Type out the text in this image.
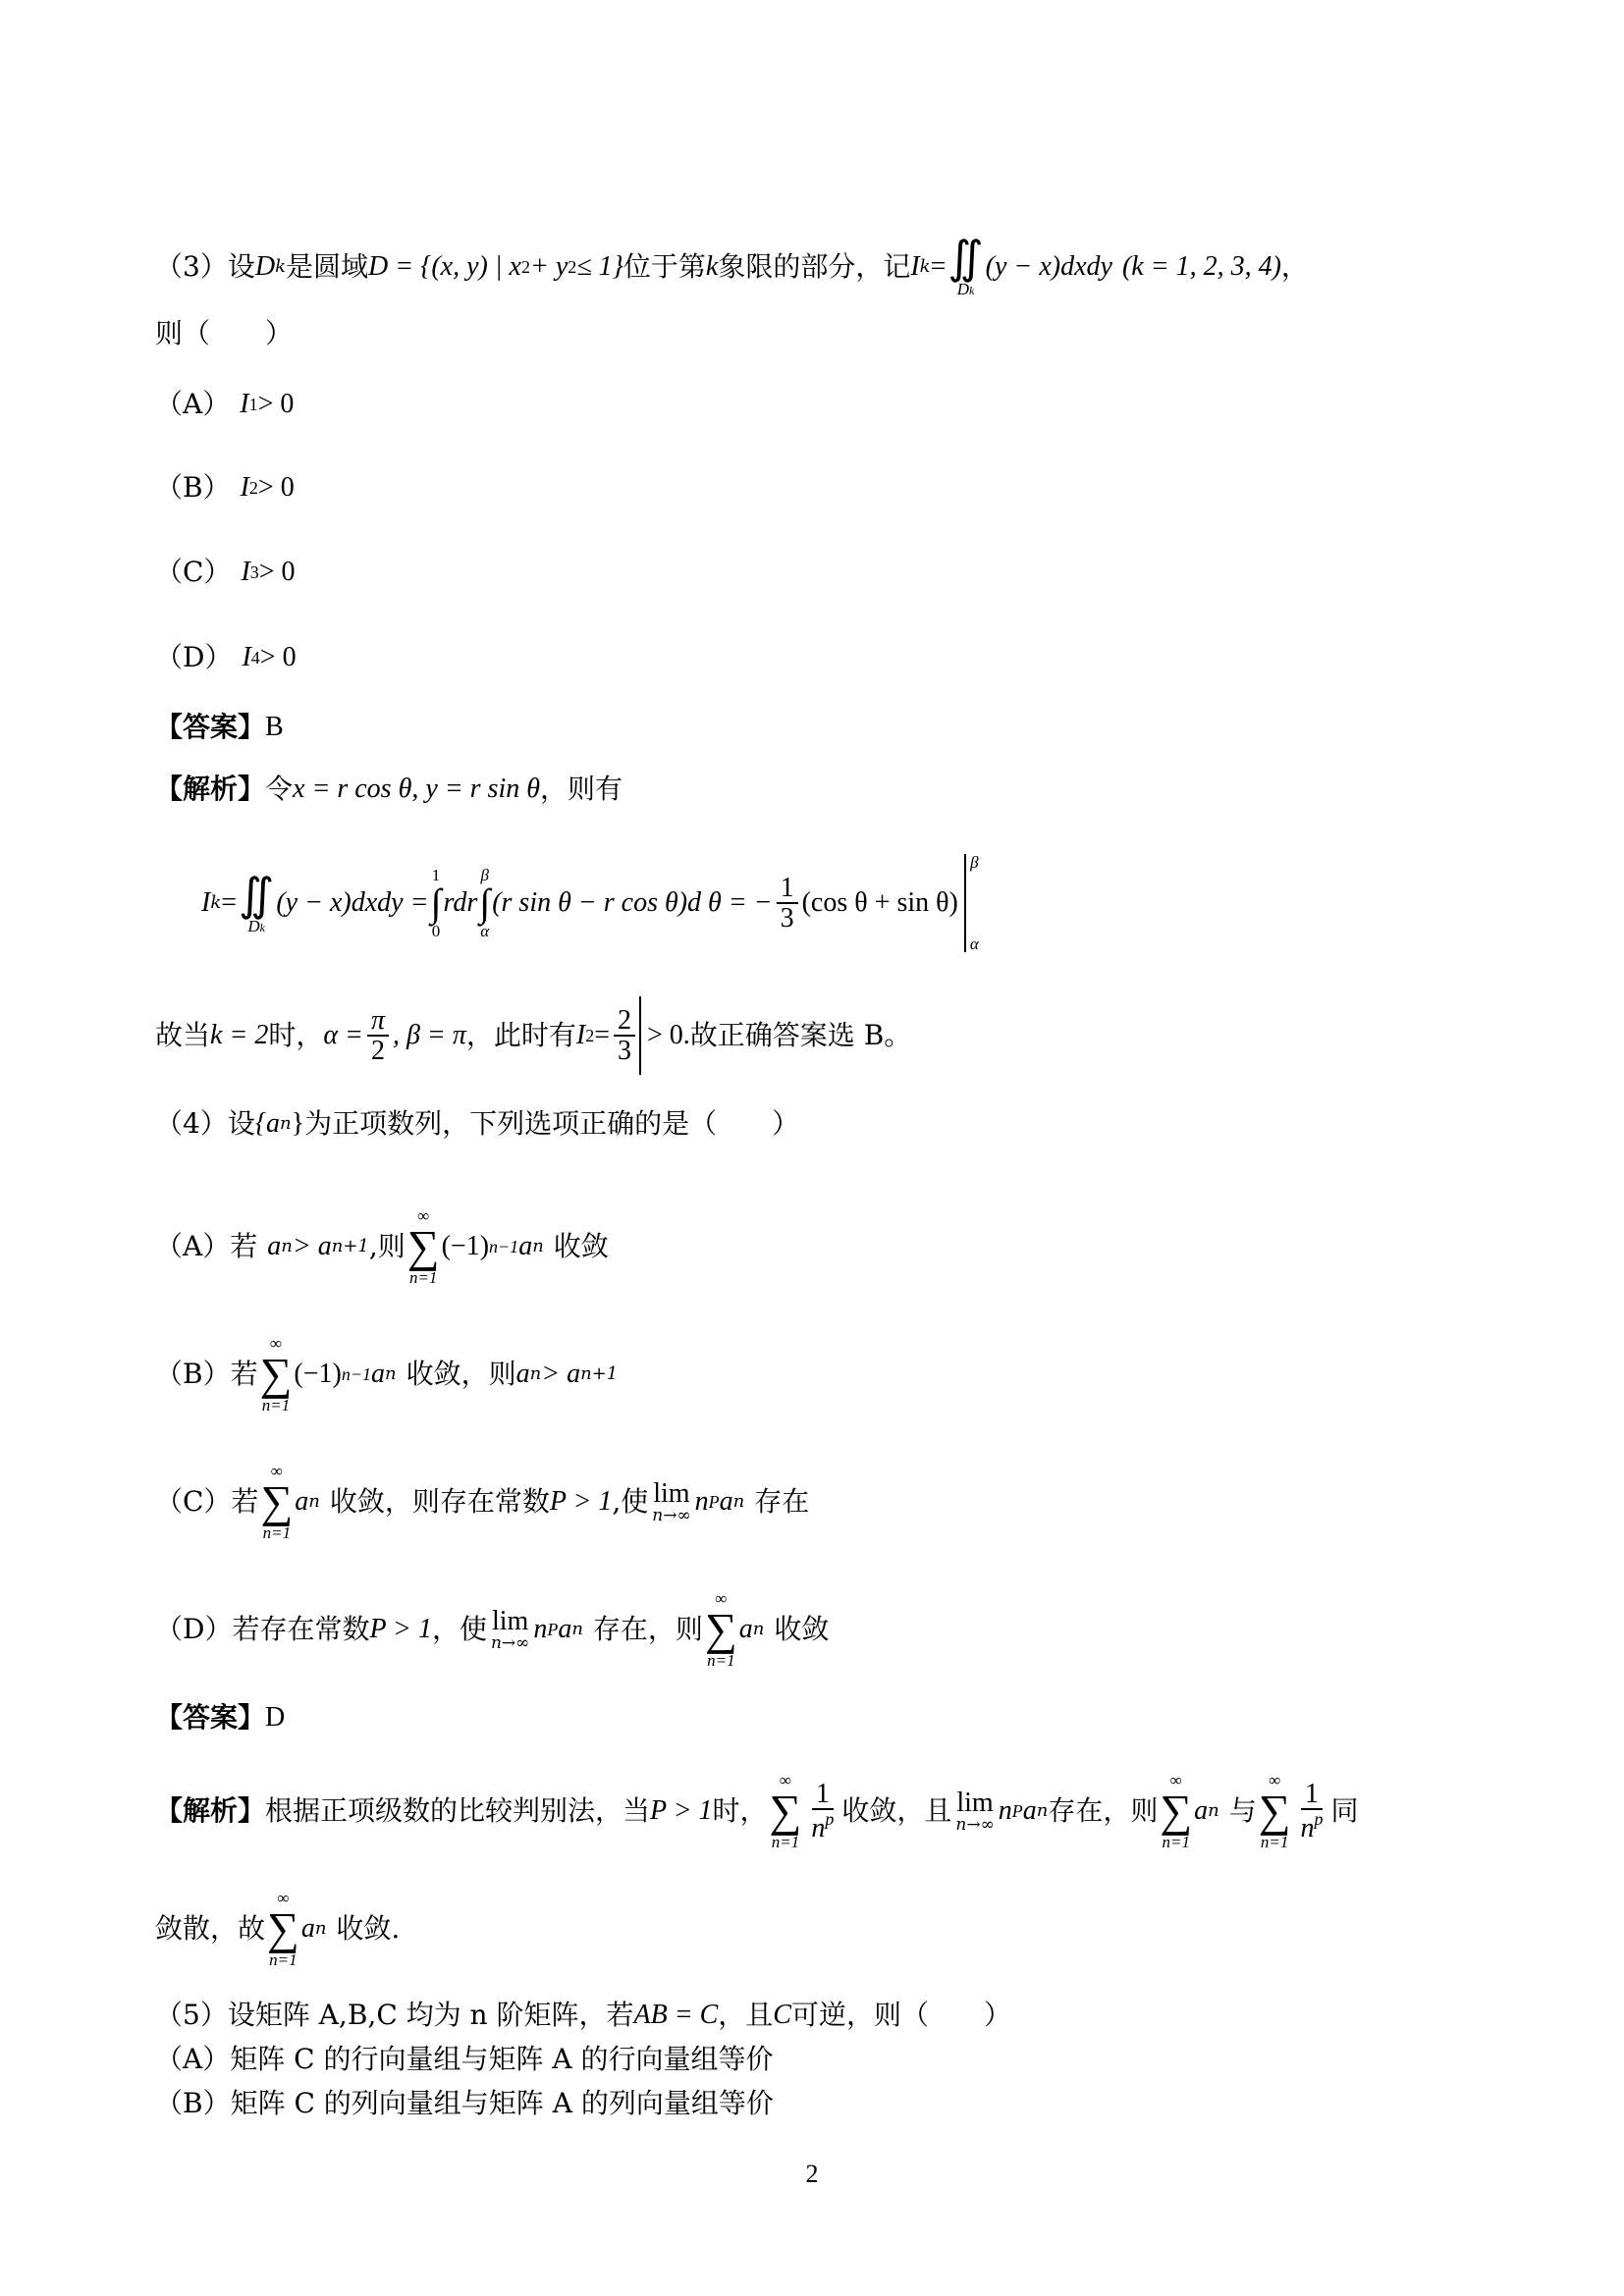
（3）设 D k 是圆域 D = {(x, y) | x 2 + y 2 ≤ 1} 位于第 k 象限的部分，记 I k = ∬
Dk
(y − x)dxdy (k = 1, 2, 3, 4) ，
则（　　）
（A） I 1 > 0
（B） I 2 > 0
（C） I 3 > 0
（D） I 4 > 0
【答案】 B
【解析】 令 x = r cos θ, y = r sin θ ，则有
I k = ∬
Dk
(y − x)dxdy =
1
∫
0
rdr
β
∫
α
(r sin θ − r cos θ)d θ = − $\frac{1}{3} (\cos$ θ + sin θ)
β
α
故当 k = 2 时， $\alpha = \frac{\pi}{2}$ , β = π ，此时有 I $2 = \frac{2}{3} > 0$. 故正确答案选 B。
（4）设 {a n } 为正项数列，下列选项正确的是（　　）
（A）若 a n > a n+1 ,则
∞
∑
n=1
(−1) n−1 a n 收敛
（B）若
∞
∑
n=1
(−1) n−1 a n 收敛，则 a n > a n+1
（C）若
∞
∑
n=1
a n 收敛，则存在常数 P > 1 ,使 lim
n→∞ n P a n 存在
（D）若存在常数 P > 1 ，使 lim
n→∞ n P a n 存在，则
∞
∑
n=1
a n 收敛
【答案】 D
【解析】 根据正项级数的比较判别法，当 P > 1 时，
∞
∑
$n=1 \frac{1}{n^p}$ 收敛 ，且 lim
n→∞ n P a n 存在，则
∞
∑
n=1
a n 与
∞
∑
$n=1 \frac{1}{n^p}$ 同
敛散，故
∞
∑
n=1
a n 收敛.
（5）设矩阵 A,B,C 均为 n 阶矩阵，若 AB = C ，且 C 可逆，则（　　）
（A）矩阵 C 的行向量组与矩阵 A 的行向量组等价
（B）矩阵 C 的列向量组与矩阵 A 的列向量组等价
2
